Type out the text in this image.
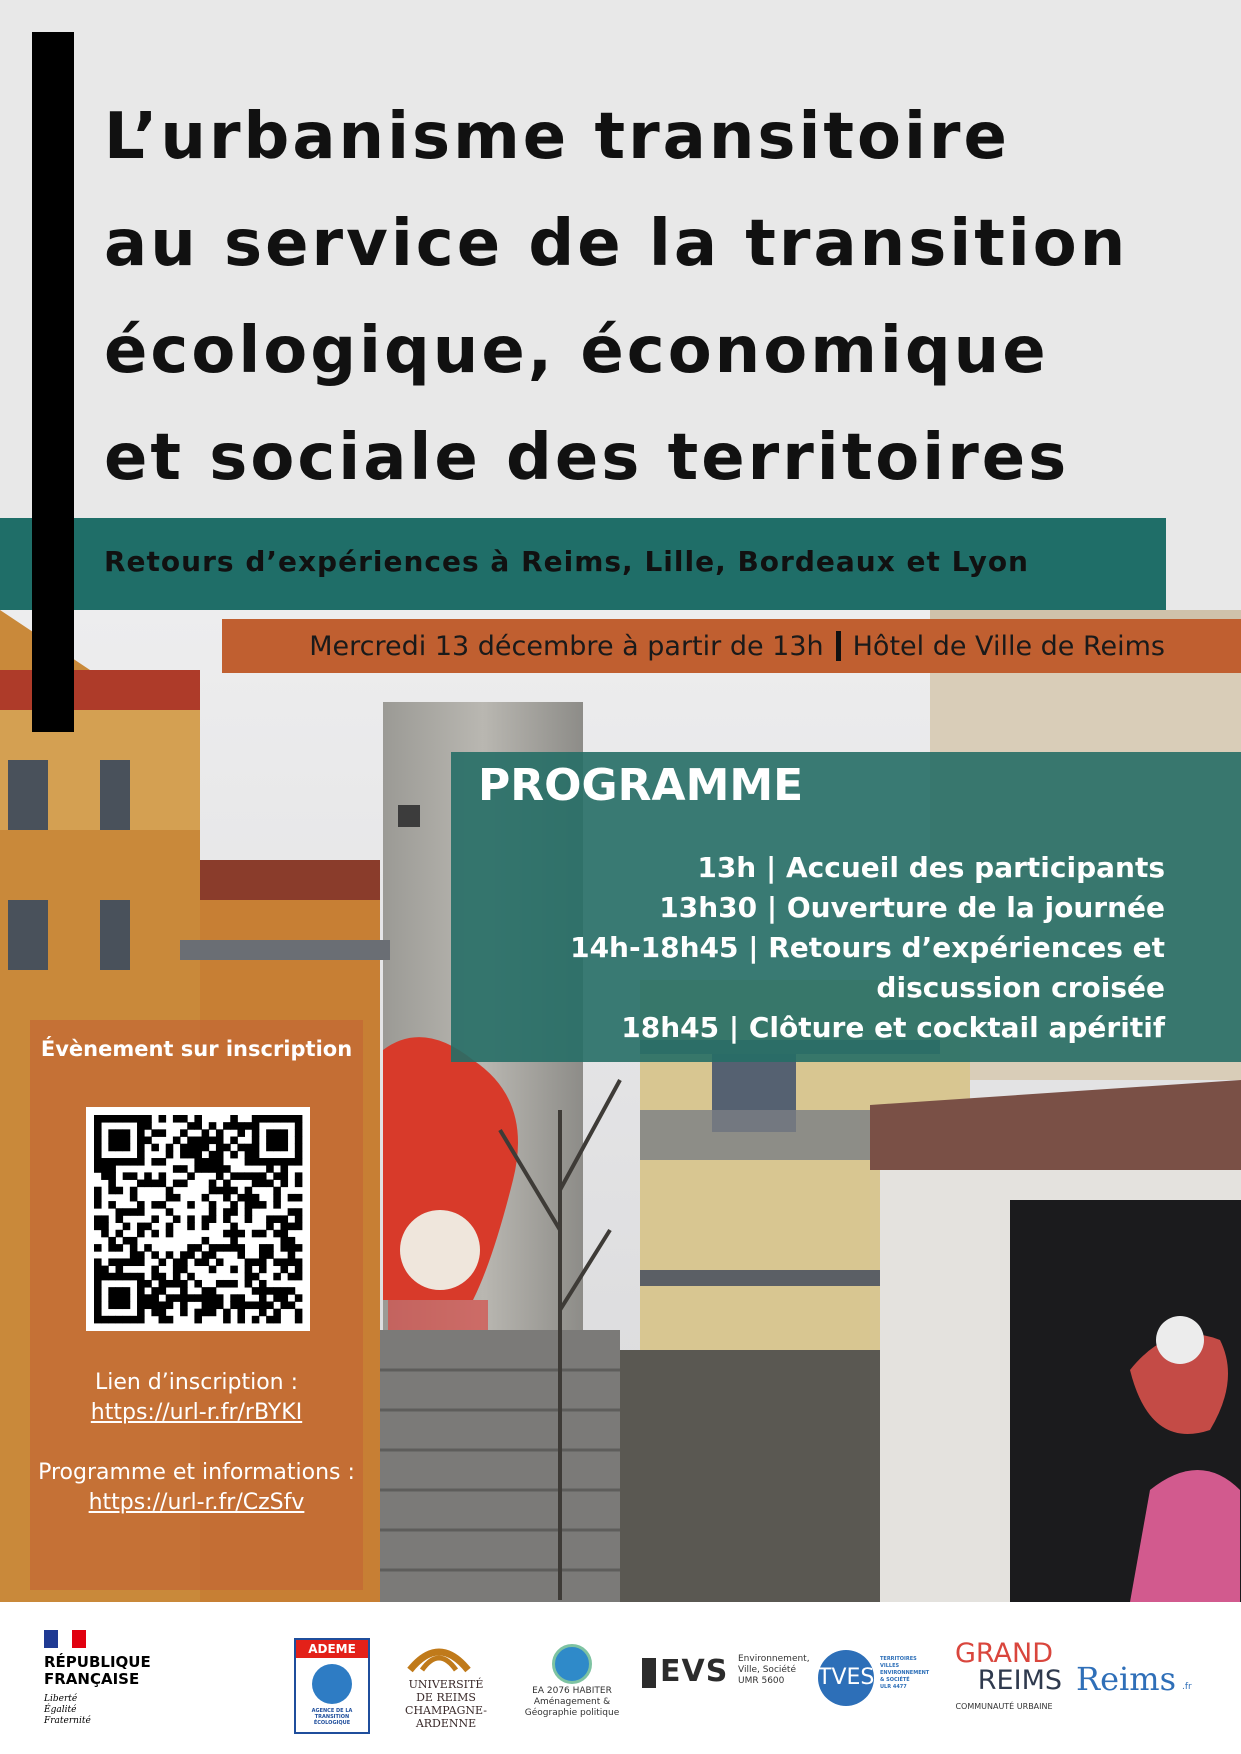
L’urbanisme transitoire
au service de la transition
écologique, économique
et sociale des territoires
Retours d’expériences à Reims, Lille, Bordeaux et Lyon
Mercredi 13 décembre à partir de 13h Hôtel de Ville de Reims
PROGRAMME
13h | Accueil des participants
13h30 | Ouverture de la journée
14h-18h45 | Retours d’expériences et
discussion croisée
18h45 | Clôture et cocktail apéritif
Évènement sur inscription
Lien d’inscription :
https://url-r.fr/rBYKI
Programme et informations :
https://url-r.fr/CzSfv
RÉPUBLIQUE
FRANÇAISE
Liberté
Égalité
Fraternité
ADEME
AGENCE DE LA TRANSITION ÉCOLOGIQUE
UNIVERSITÉ
DE REIMS
CHAMPAGNE-ARDENNE
EA 2076 HABITER
Aménagement &
Géographie politique
EVS Environnement,
Ville, Société
UMR 5600	TVES
TERRITOIRES
VILLES
ENVIRONNEMENT
& SOCIÉTÉ
ULR 4477
GRAND
REIMS
COMMUNAUTÉ URBAINE
Reims .fr
